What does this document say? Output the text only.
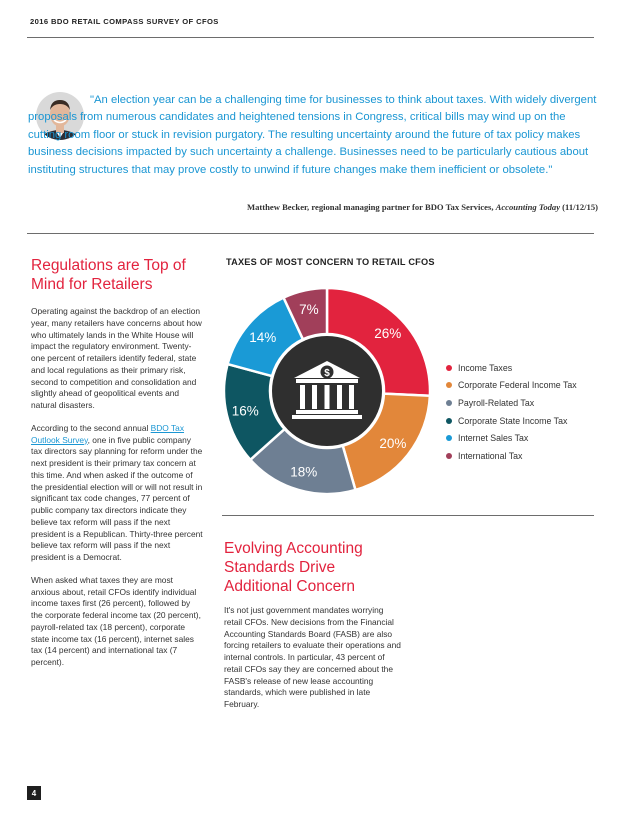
2016 BDO RETAIL COMPASS SURVEY OF CFOS
"An election year can be a challenging time for businesses to think about taxes. With widely divergent proposals from numerous candidates and heightened tensions in Congress, critical bills may wind up on the cutting room floor or stuck in revision purgatory. The resulting uncertainty around the future of tax policy makes business decisions impacted by such uncertainty a challenge. Businesses need to be particularly cautious about instituting structures that may prove costly to unwind if future changes make them inefficient or obsolete."
Matthew Becker, regional managing partner for BDO Tax Services, Accounting Today (11/12/15)
Regulations are Top of Mind for Retailers

Operating against the backdrop of an election year, many retailers have concerns about how who ultimately lands in the White House will impact the regulatory environment. Twenty-one percent of retailers identify federal, state and local regulations as their primary risk, second to competition and consolidation and slightly ahead of geopolitical events and natural disasters.

According to the second annual BDO Tax Outlook Survey, one in five public company tax directors say planning for reform under the next president is their primary tax concern at this time. And when asked if the outcome of the presidential election will or will not result in significant tax code changes, 77 percent of public company tax directors indicate they believe tax reform will pass if the next president is a Republican. Thirty-three percent believe tax reform will pass if the next president is a Democrat.

When asked what taxes they are most anxious about, retail CFOs identify individual income taxes first (26 percent), followed by the corporate federal income tax (20 percent), payroll-related tax (18 percent), corporate state income tax (16 percent), internet sales tax (14 percent) and international tax (7 percent).

TAXES OF MOST CONCERN TO RETAIL CFOS
26%
20%
18%
16%
14%
7%
$
Income Taxes
Corporate Federal Income Tax
Payroll-Related Tax
Corporate State Income Tax
Internet Sales Tax
International Tax
Evolving Accounting Standards Drive Additional Concern

It's not just government mandates worrying retail CFOs. New decisions from the Financial Accounting Standards Board (FASB) are also forcing retailers to evaluate their operations and internal controls. In particular, 43 percent of retail CFOs say they are concerned about the FASB's release of new lease accounting standards, which were published in late February.

4
